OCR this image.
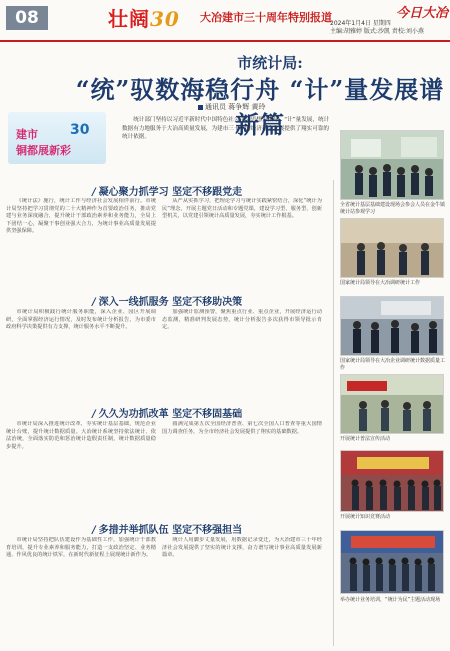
08	壮阔30 大冶建市三十周年特别报道
2024年1月4日 星期四
主编:胡雅婷 版式:沙凯 责校:刘小燕
今日大冶
市统计局:
“统”驭数海稳行舟 “计”量发展谱新篇
通讯员 蒋争辉 黄玲
建市 30
铜都展新彩

统计部门坚持以习近平新时代中国特色社会主义思想为指导，“计”量发展，统计数据有力地服务于大冶高质量发展，为建市三十年的经济社会发展提供了翔实可靠的统计依据。

/ 凝心聚力抓学习 坚定不移跟党走

《统计法》施行，统计工作与经济社会发展相伴前行。市统计局坚持把学习贯彻党的二十大精神作为首要政治任务，推动党建与业务深度融合，提升统计干部政治素养和业务能力，全局上下团结一心，凝聚干事创业强大合力，为统计事业高质量发展提供坚强保障。

从严从实抓学习，把理论学习与统计实践紧密结合，深化“统计为民”理念，开展主题党日活动和专题党课，建设学习型、服务型、创新型机关，以党建引领统计高质量发展，夯实统计工作根基。

/ 深入一线抓服务 坚定不移助决策

市统计局积极践行统计服务职能，深入企业、园区开展调研，全面掌握经济运行情况，及时发布统计分析报告，为市委市政府科学决策提供有力支撑，统计服务水平不断提升。

加强统计监测预警，聚焦重点行业、重点企业，开展经济运行动态监测，精准研判发展态势，统计分析报告多次获得市领导批示肯定。

/ 久久为功抓改革 坚定不移固基础

市统计局深入推进统计改革，夯实统计基层基础，规范企业统计台账，提升统计数据质量。大冶统计系统坚持依法统计、依法治统，全面落实防范和惩治统计造假责任制，统计数据质量稳步提升。

圆满完成第五次全国经济普查、第七次全国人口普查等重大国情国力调查任务，为全市经济社会发展提供了翔实的基础数据。

/ 多措并举抓队伍 坚定不移强担当

市统计局坚持把队伍建设作为基础性工作，加强统计干部教育培训，提升专业素养和服务能力，打造一支政治坚定、业务精通、作风优良的统计铁军，在新时代新征程上展现统计新作为。

统计人用脚步丈量发展，用数据记录变迁，为大冶建市三十年经济社会发展提供了坚实的统计支撑，奋力谱写统计事业高质量发展新篇章。

全省统计基层基础建设现场会参会人员在金牛镇统计站参观学习
国家统计局领导在大冶调研统计工作
国家统计局领导在大冶企业调研统计数据质量工作
开展统计普法宣传活动
开展统计知识竞赛活动
举办统计业务培训，“统计为民”主题活动现场
